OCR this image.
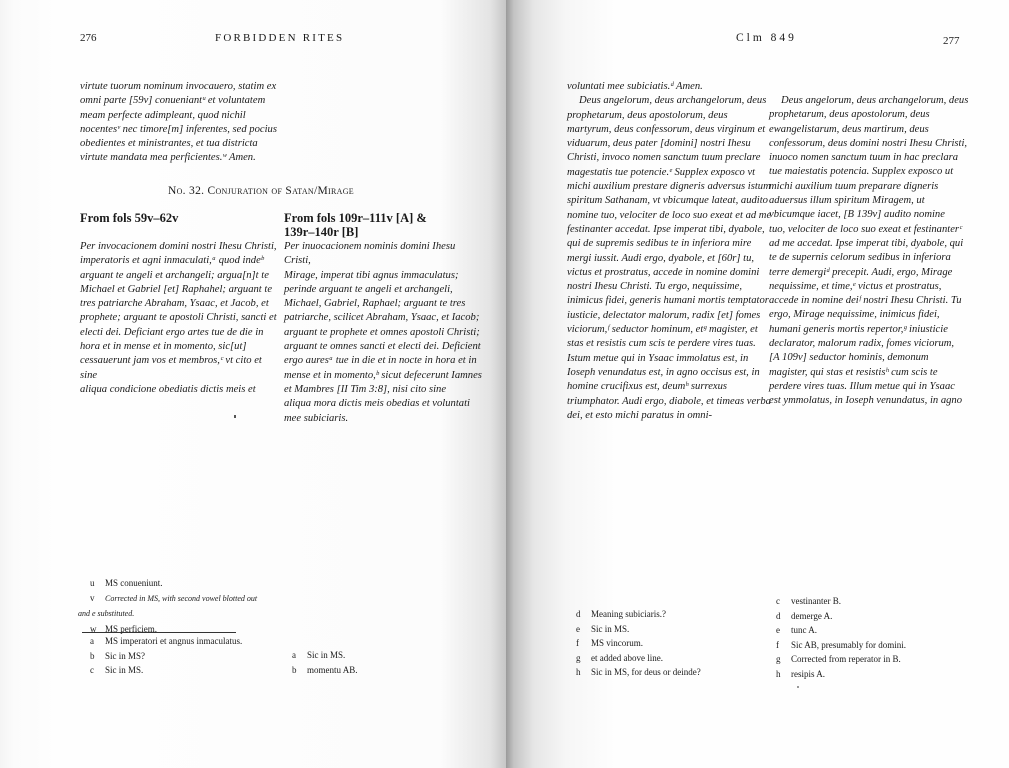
276	FORBIDDEN RITES

virtute tuorum nominum invocauero, statim ex

omni parte [59v] conueniantᵘ et voluntatem

meam perfecte adimpleant, quod nichil

nocentesᵛ nec timore[m] inferentes, sed pocius

obedientes et ministrantes, et tua districta

virtute mandata mea perficientes.ʷ Amen.

No. 32. Conjuration of Satan/Mirage

From fols 59v–62v

Per invocacionem domini nostri Ihesu Christi,

imperatoris et agni inmaculati,ᵃ quod indeᵇ

arguant te angeli et archangeli; argua[n]t te

Michael et Gabriel [et] Raphahel; arguant te

tres patriarche Abraham, Ysaac, et Jacob, et

prophete; arguant te apostoli Christi, sancti et

electi dei. Deficiant ergo artes tue de die in

hora et in mense et in momento, sic[ut]

cessauerunt jam vos et membros,ᶜ vt cito et sine

aliqua condicione obediatis dictis meis et

From fols 109r–111v [A] &

139r–140r [B]

Per inuocacionem nominis domini Ihesu Cristi,

Mirage, imperat tibi agnus immaculatus;

perinde arguant te angeli et archangeli,

Michael, Gabriel, Raphael; arguant te tres

patriarche, scilicet Abraham, Ysaac, et Iacob;

arguant te prophete et omnes apostoli Christi;

arguant te omnes sancti et electi dei. Deficient

ergo auresᵃ tue in die et in nocte in hora et in

mense et in momento,ᵇ sicut defecerunt Iamnes

et Mambres [II Tim 3:8], nisi cito sine

aliqua mora dictis meis obedias et voluntati

mee subiciaris.

u MS conueniunt.
v Corrected in MS, with second vowel blotted out
and e substituted.
w MS perficiem.
a MS imperatori et angnus inmaculatus.
b Sic in MS?
c Sic in MS.
a Sic in MS.
b momentu AB.
Clm 849	277

voluntati mee subiciatis.ᵈ Amen.

Deus angelorum, deus archangelorum, deus

prophetarum, deus apostolorum, deus

martyrum, deus confessorum, deus virginum et

viduarum, deus pater [domini] nostri Ihesu

Christi, invoco nomen sanctum tuum preclare

magestatis tue potencie.ᵉ Supplex exposco vt

michi auxilium prestare digneris adversus istum

spiritum Sathanam, vt vbicumque lateat, audito

nomine tuo, velociter de loco suo exeat et ad me

festinanter accedat. Ipse imperat tibi, dyabole,

qui de supremis sedibus te in inferiora mire

mergi iussit. Audi ergo, dyabole, et [60r] tu,

victus et prostratus, accede in nomine domini

nostri Ihesu Christi. Tu ergo, nequissime,

inimicus fidei, generis humani mortis temptator

iusticie, delectator malorum, radix [et] fomes

viciorum,ᶠ seductor hominum, etᵍ magister, et

stas et resistis cum scis te perdere vires tuas.

Istum metue qui in Ysaac immolatus est, in

Ioseph venundatus est, in agno occisus est, in

homine crucifixus est, deumʰ surrexus

triumphator. Audi ergo, diabole, et timeas verba

dei, et esto michi paratus in omni-

Deus angelorum, deus archangelorum, deus

prophetarum, deus apostolorum, deus

ewangelistarum, deus martirum, deus

confessorum, deus domini nostri Ihesu Christi,

inuoco nomen sanctum tuum in hac preclara

tue maiestatis potencia. Supplex exposco ut

michi auxilium tuum preparare digneris

aduersus illum spiritum Miragem, ut

vbicumque iacet, [B 139v] audito nomine

tuo, velociter de loco suo exeat et festinanterᶜ

ad me accedat. Ipse imperat tibi, dyabole, qui

te de supernis celorum sedibus in inferiora

terre demergiᵈ precepit. Audi, ergo, Mirage

nequissime, et time,ᵉ victus et prostratus,

accede in nomine deiᶠ nostri Ihesu Christi. Tu

ergo, Mirage nequissime, inimicus fidei,

humani generis mortis repertor,ᵍ iniusticie

declarator, malorum radix, fomes viciorum,

[A 109v] seductor hominis, demonum

magister, qui stas et resistisʰ cum scis te

perdere vires tuas. Illum metue qui in Ysaac

est ymmolatus, in Ioseph venundatus, in agno

d Meaning subiciaris.?
e Sic in MS.
f MS vincorum.
g et added above line.
h Sic in MS, for deus or deinde?
c vestinanter B.
d demerge A.
e tunc A.
f Sic AB, presumably for domini.
g Corrected from reperator in B.
h resipis A.
